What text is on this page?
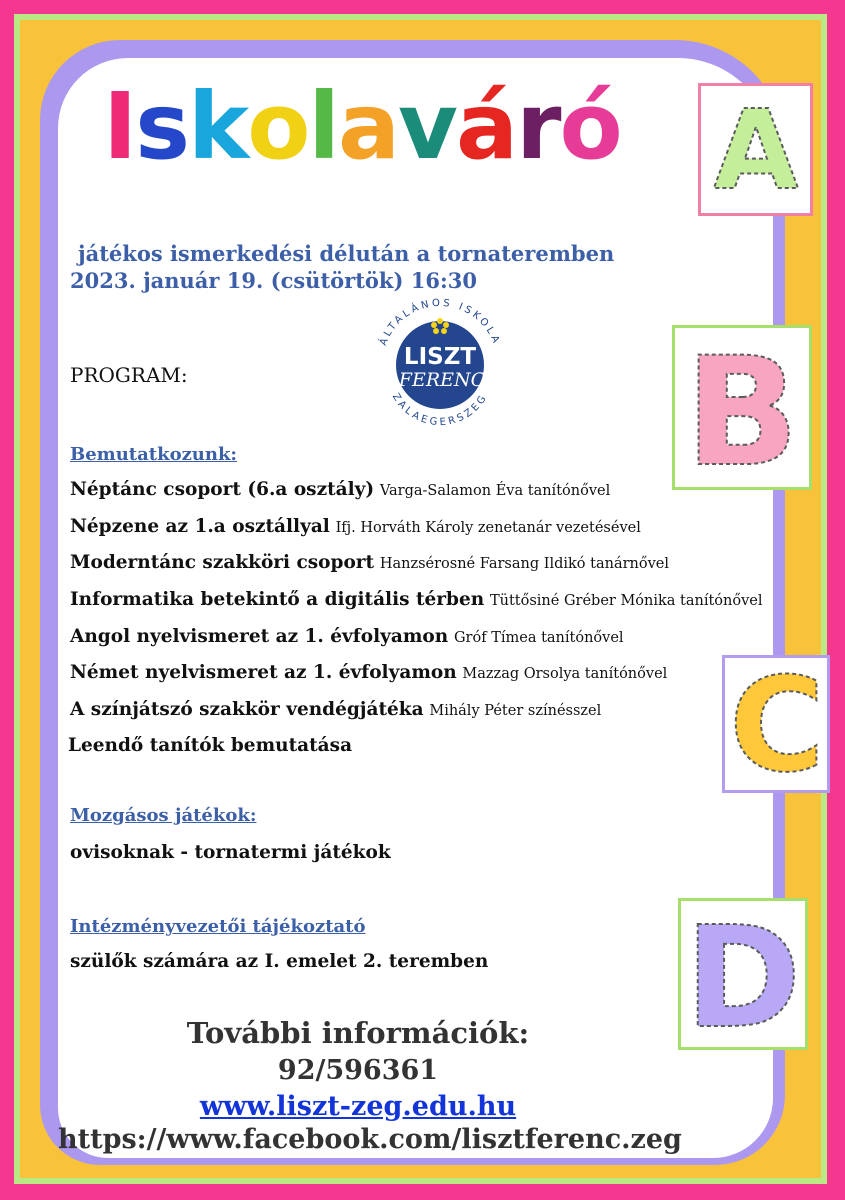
Iskolaváró
játékos ismerkedési délután a tornateremben
2023. január 19. (csütörtök) 16:30
PROGRAM:
ÁLTALÁNOS ISKOLA
ZALAEGERSZEG
LISZT
FERENC
Bemutatkozunk:
Néptánc csoport (6.a osztály) Varga-Salamon Éva tanítónővel
Népzene az 1.a osztállyal Ifj. Horváth Károly zenetanár vezetésével
Moderntánc szakköri csoport Hanzsérosné Farsang Ildikó tanárnővel
Informatika betekintő a digitális térben Tüttősiné Gréber Mónika tanítónővel
Angol nyelvismeret az 1. évfolyamon Gróf Tímea tanítónővel
Német nyelvismeret az 1. évfolyamon Mazzag Orsolya tanítónővel
A színjátszó szakkör vendégjátéka Mihály Péter színésszel
Leendő tanítók bemutatása
Mozgásos játékok:
ovisoknak - tornatermi játékok
Intézményvezetői tájékoztató
szülők számára az I. emelet 2. teremben
További információk:
92/596361
www.liszt-zeg.edu.hu
https://www.facebook.com/lisztferenc.zeg
A
B
C
D
